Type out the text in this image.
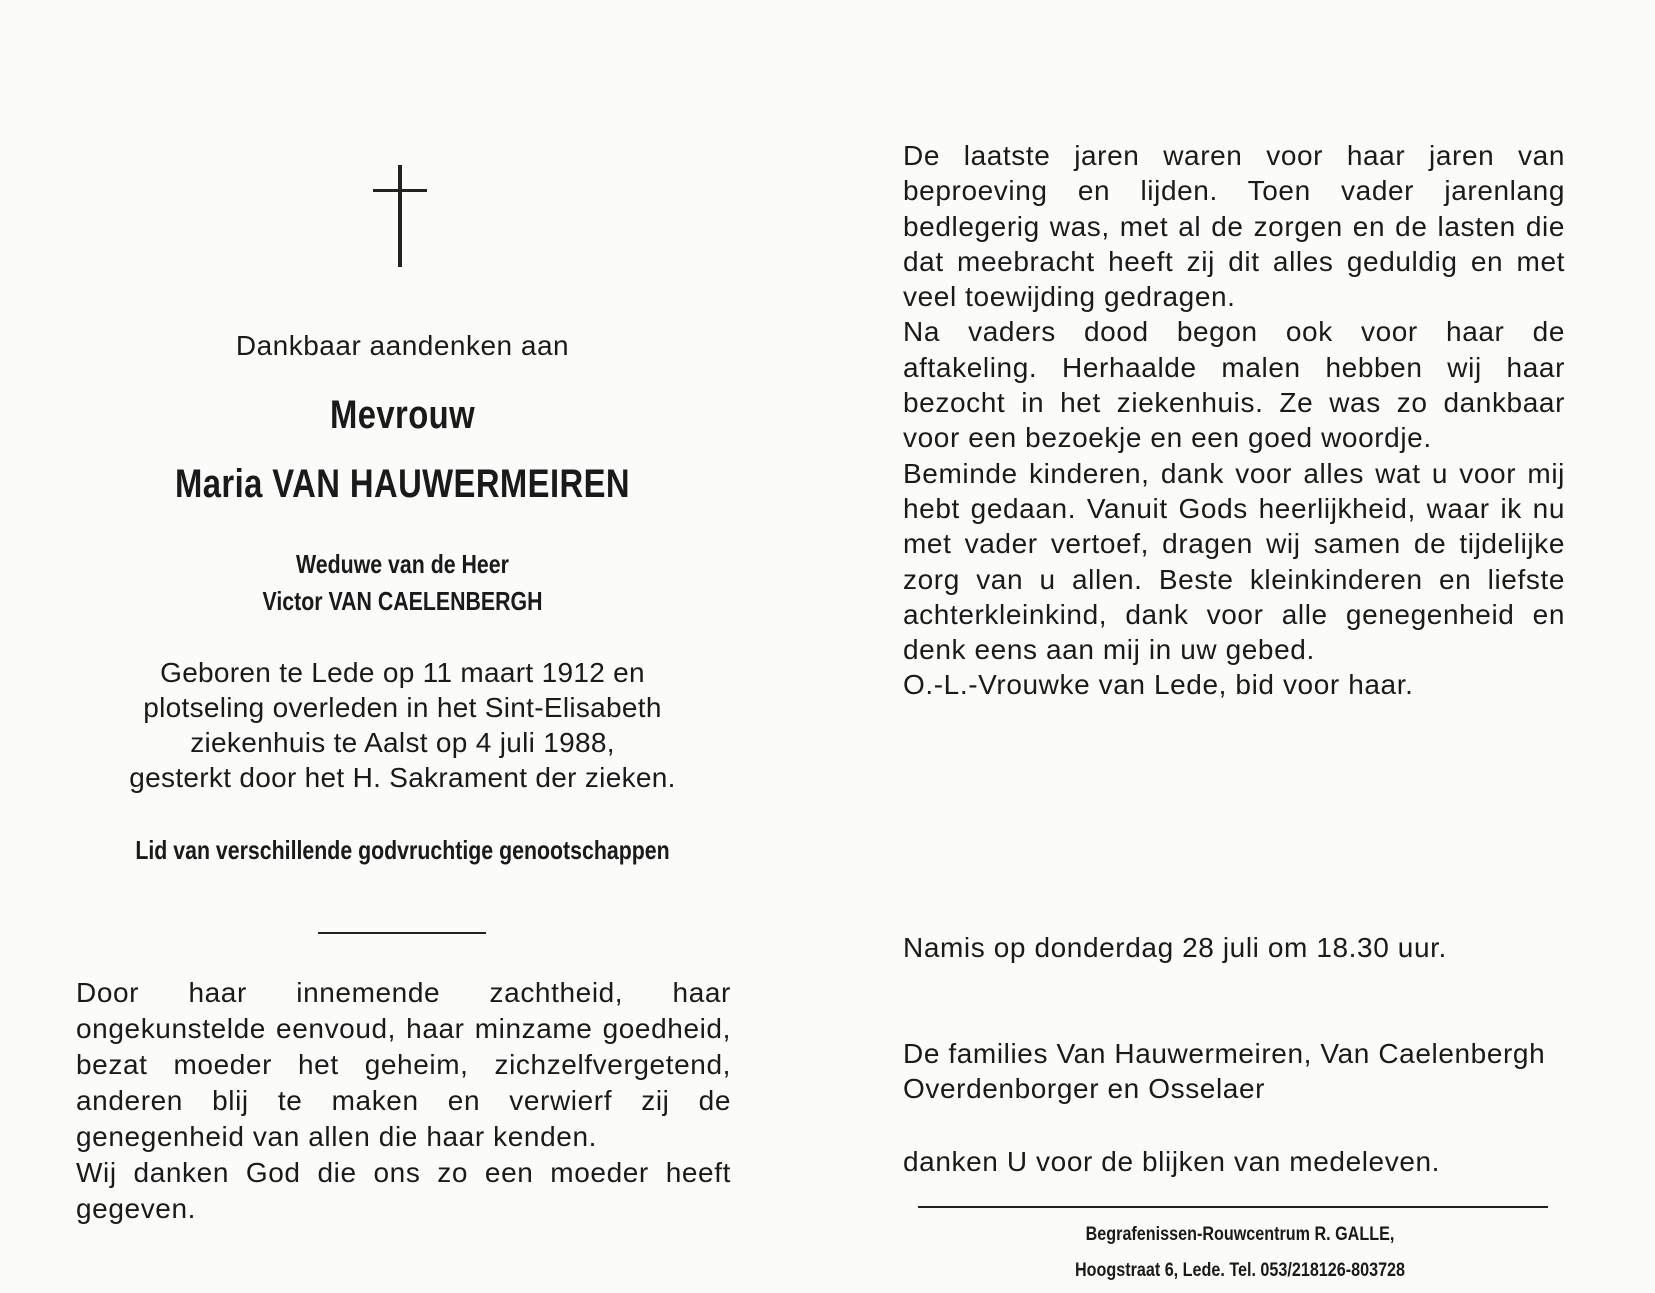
Dankbaar aandenken aan
Mevrouw
Maria VAN HAUWERMEIREN
Weduwe van de Heer
Victor VAN CAELENBERGH
Geboren te Lede op 11 maart 1912 en
plotseling overleden in het Sint-Elisabeth
ziekenhuis te Aalst op 4 juli 1988,
gesterkt door het H. Sakrament der zieken.
Lid van verschillende godvruchtige genootschappen
Door haar innemende zachtheid, haar ongekunstelde eenvoud, haar minzame goedheid, bezat moeder het geheim, zichzelfvergetend, anderen blij te maken en verwierf zij de genegenheid van allen die haar kenden.
Wij danken God die ons zo een moeder heeft gegeven.
De laatste jaren waren voor haar jaren van beproeving en lijden. Toen vader jarenlang bedlegerig was, met al de zorgen en de lasten die dat meebracht heeft zij dit alles geduldig en met veel toewijding gedragen.
Na vaders dood begon ook voor haar de aftakeling. Herhaalde malen hebben wij haar bezocht in het ziekenhuis. Ze was zo dankbaar voor een bezoekje en een goed woordje.
Beminde kinderen, dank voor alles wat u voor mij hebt gedaan. Vanuit Gods heerlijkheid, waar ik nu met vader vertoef, dragen wij samen de tijdelijke zorg van u allen. Beste kleinkinderen en liefste achterkleinkind, dank voor alle genegenheid en denk eens aan mij in uw gebed.
O.-L.-Vrouwke van Lede, bid voor haar.
Namis op donderdag 28 juli om 18.30 uur.
De families Van Hauwermeiren, Van Caelenbergh
Overdenborger en Osselaer
danken U voor de blijken van medeleven.
Begrafenissen-Rouwcentrum R. GALLE,
Hoogstraat 6, Lede. Tel. 053/218126-803728
